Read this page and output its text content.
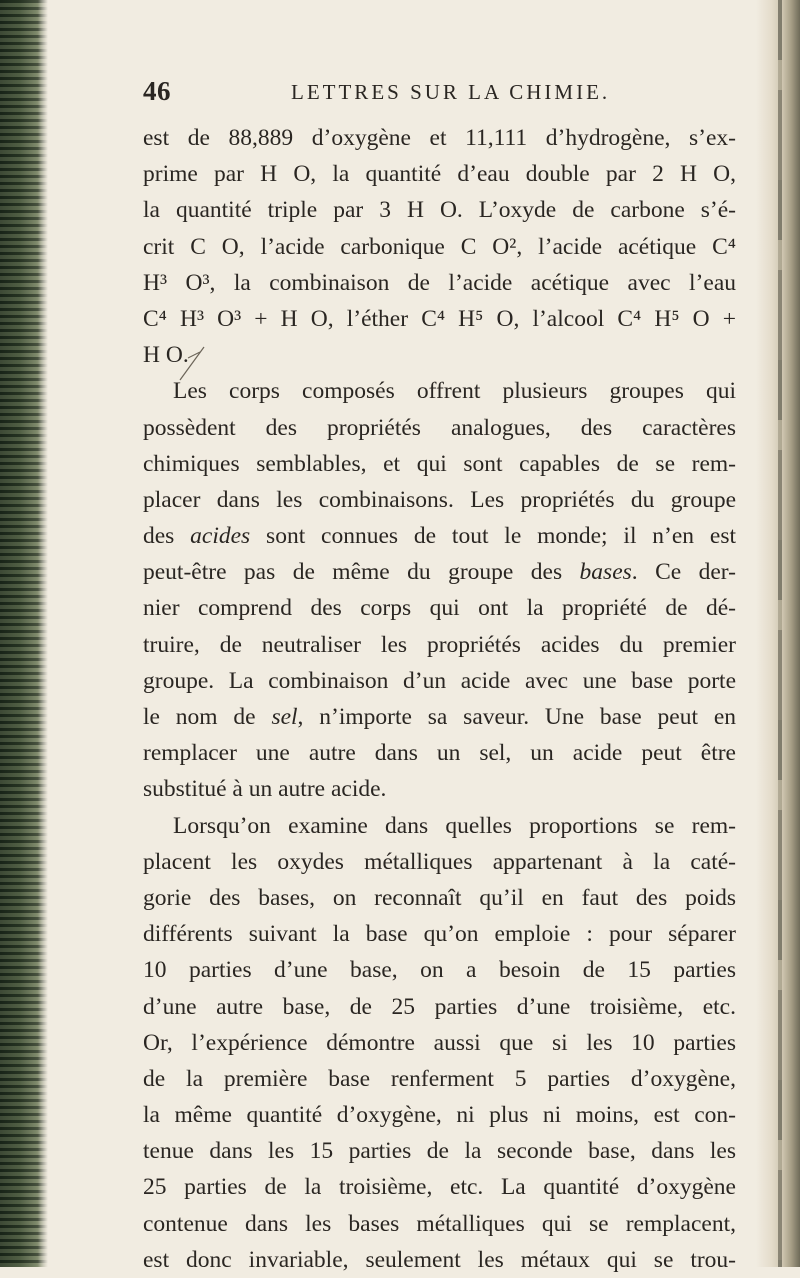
46	LETTRES SUR LA CHIMIE.
est de 88,889 d’oxygène et 11,111 d’hydrogène, s’ex-
prime par H O, la quantité d’eau double par 2 H O,
la quantité triple par 3 H O. L’oxyde de carbone s’é-
crit C O, l’acide carbonique C O², l’acide acétique C⁴
H³ O³, la combinaison de l’acide acétique avec l’eau
C⁴ H³ O³ + H O, l’éther C⁴ H⁵ O, l’alcool C⁴ H⁵ O +
H O.
Les corps composés offrent plusieurs groupes qui
possèdent des propriétés analogues, des caractères
chimiques semblables, et qui sont capables de se rem-
placer dans les combinaisons. Les propriétés du groupe
des acides sont connues de tout le monde; il n’en est
peut-être pas de même du groupe des bases. Ce der-
nier comprend des corps qui ont la propriété de dé-
truire, de neutraliser les propriétés acides du premier
groupe. La combinaison d’un acide avec une base porte
le nom de sel, n’importe sa saveur. Une base peut en
remplacer une autre dans un sel, un acide peut être
substitué à un autre acide.
Lorsqu’on examine dans quelles proportions se rem-
placent les oxydes métalliques appartenant à la caté-
gorie des bases, on reconnaît qu’il en faut des poids
différents suivant la base qu’on emploie : pour séparer
10 parties d’une base, on a besoin de 15 parties
d’une autre base, de 25 parties d’une troisième, etc.
Or, l’expérience démontre aussi que si les 10 parties
de la première base renferment 5 parties d’oxygène,
la même quantité d’oxygène, ni plus ni moins, est con-
tenue dans les 15 parties de la seconde base, dans les
25 parties de la troisième, etc. La quantité d’oxygène
contenue dans les bases métalliques qui se remplacent,
est donc invariable, seulement les métaux qui se trou-
